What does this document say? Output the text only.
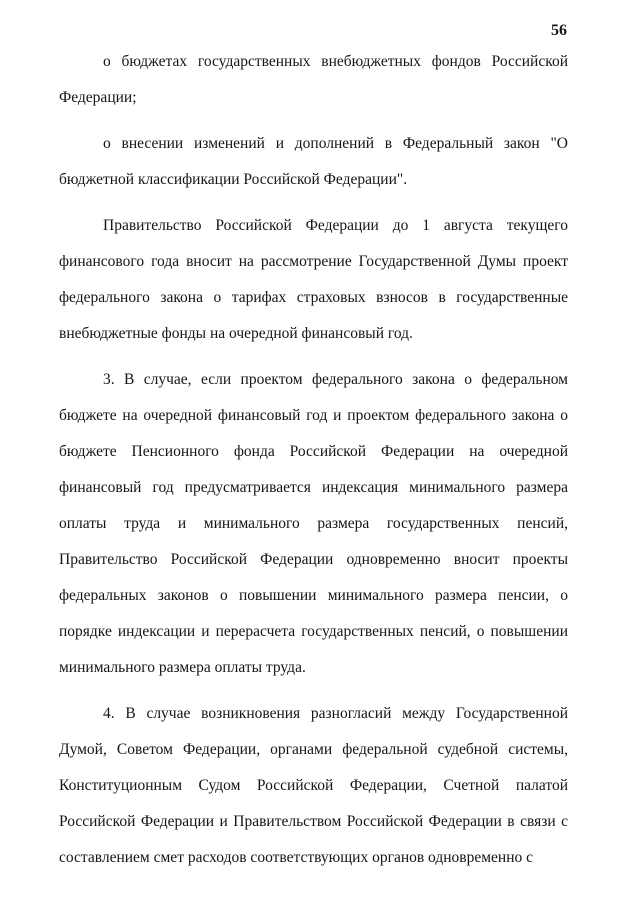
56

о бюджетах государственных внебюджетных фондов Российской Федерации;

о внесении изменений и дополнений в Федеральный закон "О бюджетной классификации Российской Федерации".

Правительство Российской Федерации до 1 августа текущего финансового года вносит на рассмотрение Государственной Думы проект федерального закона о тарифах страховых взносов в государственные внебюджетные фонды на очередной финансовый год.

3. В случае, если проектом федерального закона о федеральном бюджете на очередной финансовый год и проектом федерального закона о бюджете Пенсионного фонда Российской Федерации на очередной финансовый год предусматривается индексация минимального размера оплаты труда и минимального размера государственных пенсий, Правительство Российской Федерации одновременно вносит проекты федеральных законов о повышении минимального размера пенсии, о порядке индексации и перерасчета государственных пенсий, о повышении минимального размера оплаты труда.

4. В случае возникновения разногласий между Государственной Думой, Советом Федерации, органами федеральной судебной системы, Конституционным Судом Российской Федерации, Счетной палатой Российской Федерации и Правительством Российской Федерации в связи с составлением смет расходов соответствующих органов одновременно с
